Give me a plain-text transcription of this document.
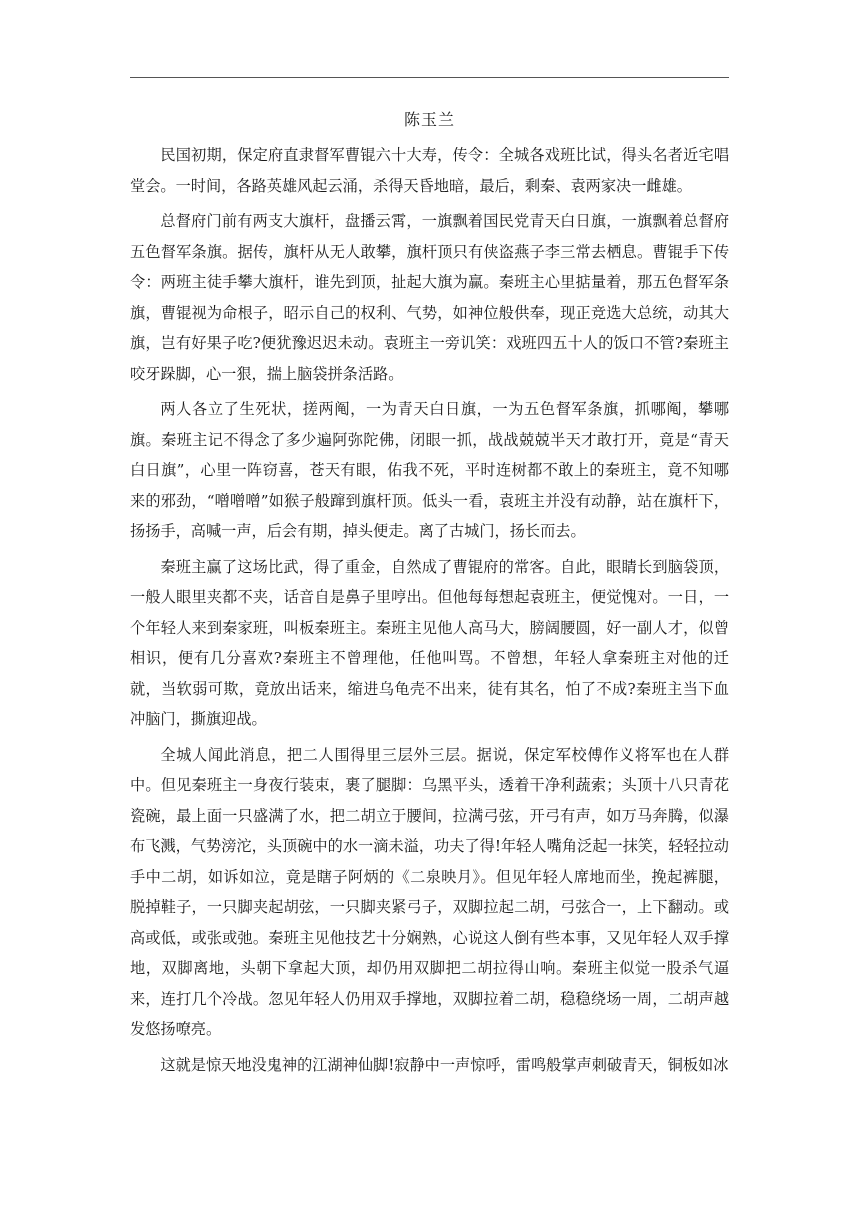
陈玉兰

民国初期，保定府直隶督军曹锟六十大寿，传令：全城各戏班比试，得头名者近宅唱堂会。一时间，各路英雄风起云涌，杀得天昏地暗，最后，剩秦、袁两家决一雌雄。

总督府门前有两支大旗杆，盘播云霄，一旗飘着国民党青天白日旗，一旗飘着总督府五色督军条旗。据传，旗杆从无人敢攀，旗杆顶只有侠盗燕子李三常去栖息。曹锟手下传令：两班主徒手攀大旗杆，谁先到顶，扯起大旗为赢。秦班主心里掂量着，那五色督军条旗，曹锟视为命根子，昭示自己的权利、气势，如神位般供奉，现正竞选大总统，动其大旗，岂有好果子吃?便犹豫迟迟未动。袁班主一旁讥笑：戏班四五十人的饭口不管?秦班主咬牙跺脚，心一狠，揣上脑袋拼条活路。

两人各立了生死状，搓两阄，一为青天白日旗，一为五色督军条旗，抓哪阄，攀哪旗。秦班主记不得念了多少遍阿弥陀佛，闭眼一抓，战战兢兢半天才敢打开，竟是“青天白日旗”，心里一阵窃喜，苍天有眼，佑我不死，平时连树都不敢上的秦班主，竟不知哪来的邪劲，“噌噌噌”如猴子般蹿到旗杆顶。低头一看，袁班主并没有动静，站在旗杆下，扬扬手，高喊一声，后会有期，掉头便走。离了古城门，扬长而去。

秦班主赢了这场比武，得了重金，自然成了曹锟府的常客。自此，眼睛长到脑袋顶，一般人眼里夹都不夹，话音自是鼻子里哼出。但他每每想起袁班主，便觉愧对。一日，一个年轻人来到秦家班，叫板秦班主。秦班主见他人高马大，膀阔腰圆，好一副人才，似曾相识，便有几分喜欢?秦班主不曾理他，任他叫骂。不曾想，年轻人拿秦班主对他的迁就，当软弱可欺，竟放出话来，缩进乌龟壳不出来，徒有其名，怕了不成?秦班主当下血冲脑门，撕旗迎战。

全城人闻此消息，把二人围得里三层外三层。据说，保定军校傅作义将军也在人群中。但见秦班主一身夜行装束，裹了腿脚：乌黑平头，透着干净利蔬索；头顶十八只青花瓷碗，最上面一只盛满了水，把二胡立于腰间，拉满弓弦，开弓有声，如万马奔腾，似瀑布飞溅，气势滂沱，头顶碗中的水一滴未溢，功夫了得!年轻人嘴角泛起一抹笑，轻轻拉动手中二胡，如诉如泣，竟是瞎子阿炳的《二泉映月》。但见年轻人席地而坐，挽起裤腿，脱掉鞋子，一只脚夹起胡弦，一只脚夹紧弓子，双脚拉起二胡，弓弦合一，上下翻动。或高或低，或张或弛。秦班主见他技艺十分娴熟，心说这人倒有些本事，又见年轻人双手撑地，双脚离地，头朝下拿起大顶，却仍用双脚把二胡拉得山响。秦班主似觉一股杀气逼来，连打几个冷战。忽见年轻人仍用双手撑地，双脚拉着二胡，稳稳绕场一周，二胡声越发悠扬嘹亮。

这就是惊天地没鬼神的江湖神仙脚!寂静中一声惊呼，雷鸣般掌声刺破青天，铜板如冰
